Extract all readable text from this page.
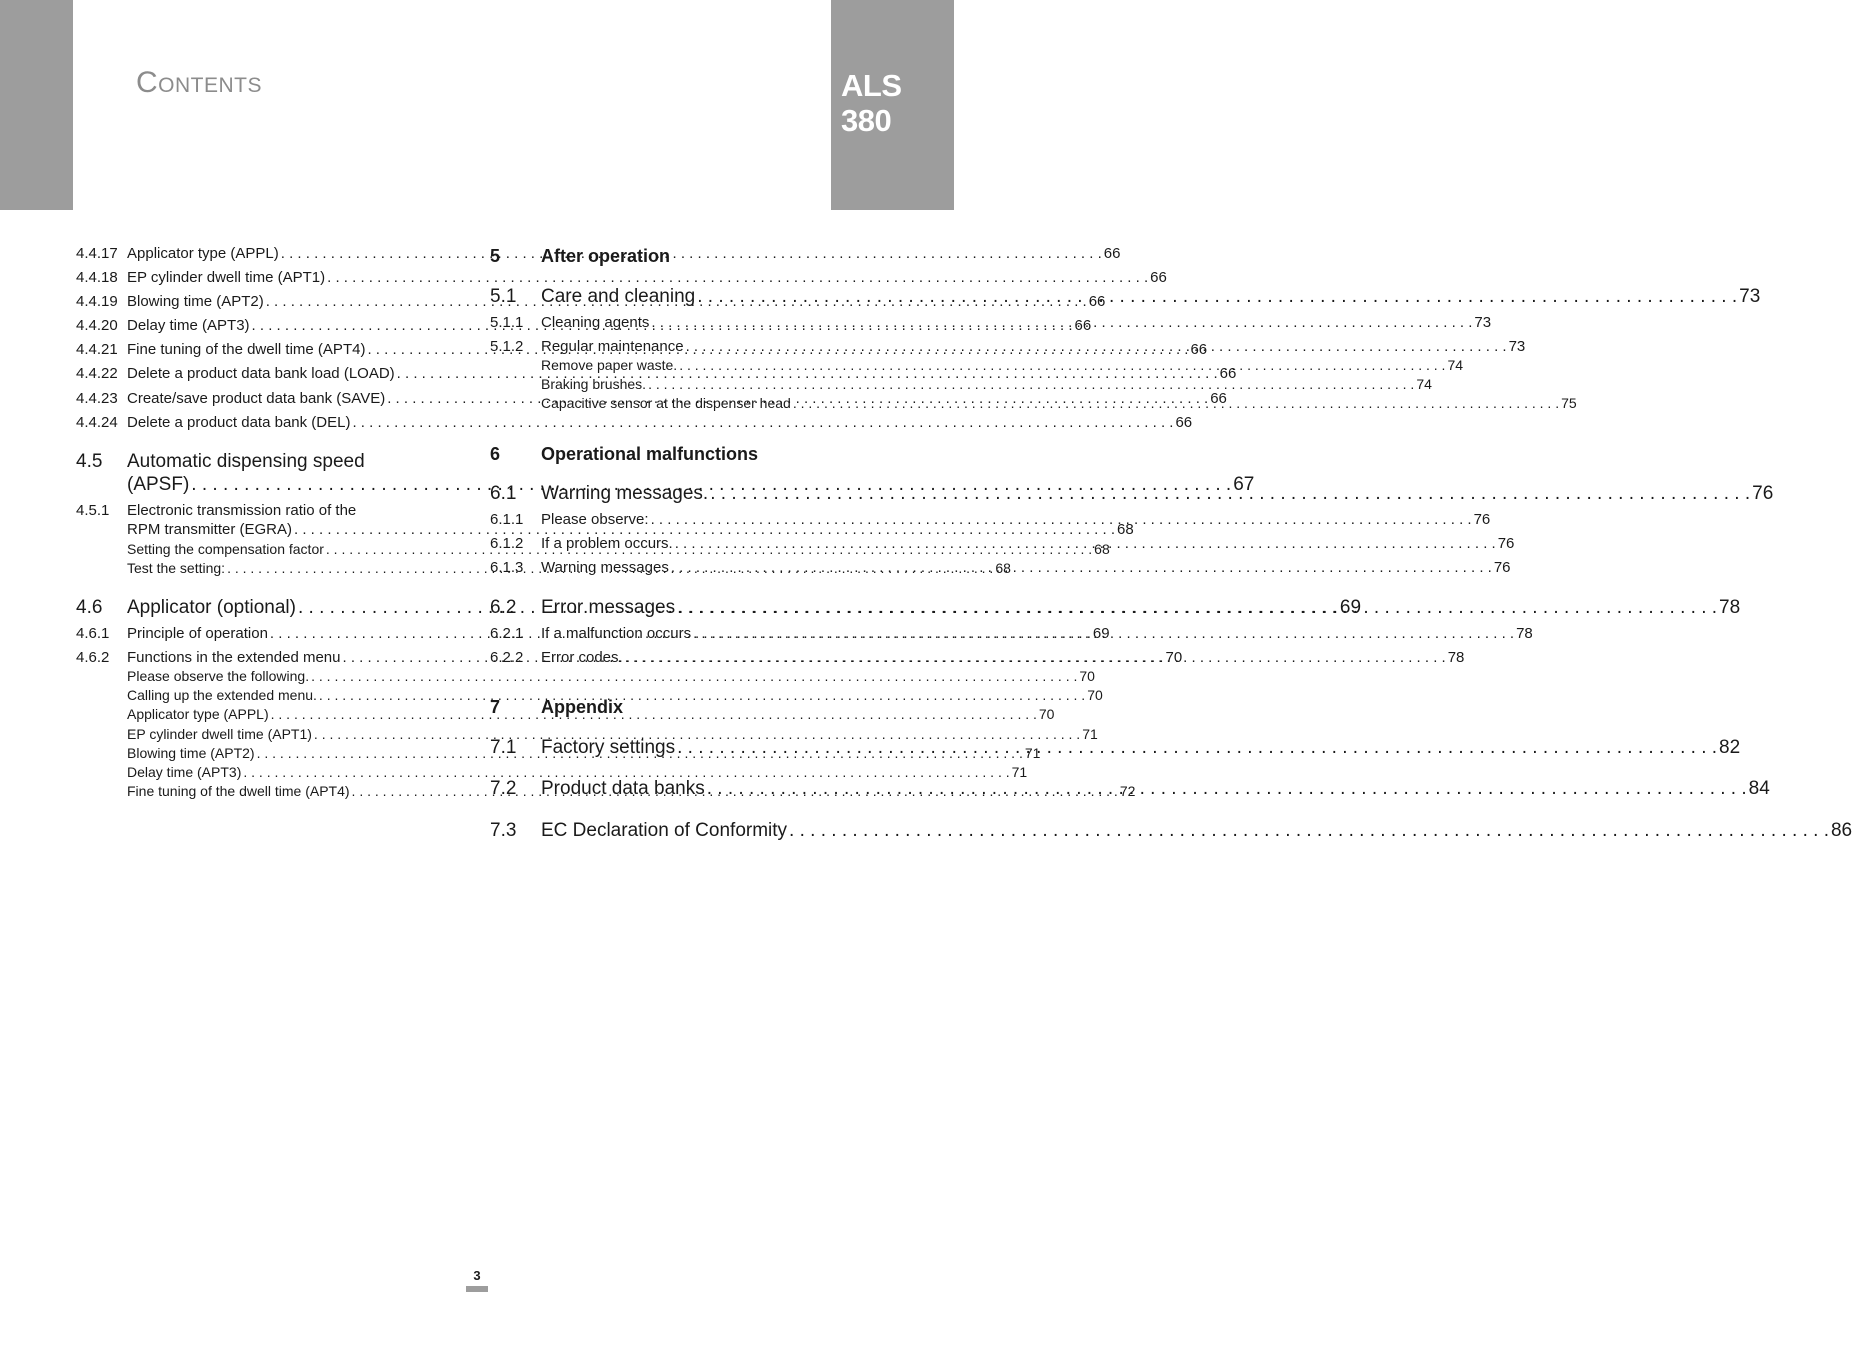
Contents	ALS
380
4.4.17 Applicator type (APPL) . . .	66
4.4.18 EP cylinder dwell time (APT1) . . .	66
4.4.19 Blowing time (APT2) . . .	66
4.4.20 Delay time (APT3) . . .	66
4.4.21 Fine tuning of the dwell time (APT4) . . .	66
4.4.22 Delete a product data bank load (LOAD) . . .	66
4.4.23 Create/save product data bank (SAVE) . . .	66
4.4.24 Delete a product data bank (DEL) . . .	66
4.5	Automatic dispensing speed
(APSF) . . .	67
4.5.1	Electronic transmission ratio of the
RPM transmitter (EGRA) . . .	68
Setting the compensation factor . . .	68
Test the setting: . . .	68
4.6	Applicator (optional) . . .	69
4.6.1	Principle of operation . . .	69
4.6.2	Functions in the extended menu . . .	70
Please observe the following. . . .	70
Calling up the extended menu. . . .	70
Applicator type (APPL) . . .	70
EP cylinder dwell time (APT1) . . .	71
Blowing time (APT2) . . .	71
Delay time (APT3) . . .	71
Fine tuning of the dwell time (APT4) . . .	72
5	After operation
5.1	Care and cleaning . . .	73
5.1.1	Cleaning agents . . .	73
5.1.2	Regular maintenance . . .	73
Remove paper waste. . . .	74
Braking brushes. . . .	74
Capacitive sensor at the dispenser head . . .	75
6	Operational malfunctions
6.1	Warning messages. . . .	76
6.1.1	Please observe: . . .	76
6.1.2	If a problem occurs. . . .	76
6.1.3	Warning messages . . .	76
6.2	Error messages . . .	78
6.2.1	If a malfunction occurs . . .	78
6.2.2	Error codes. . . .	78
7	Appendix
7.1	Factory settings . . .	82
7.2	Product data banks . . .	84
7.3	EC Declaration of Conformity . . .	86
3
